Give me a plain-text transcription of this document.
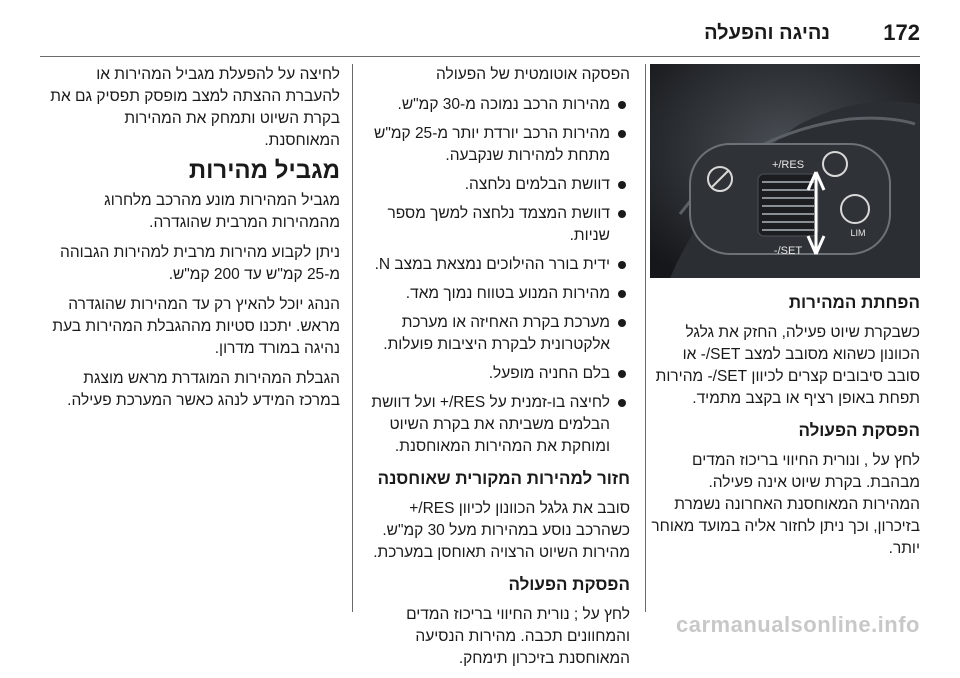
172
נהיגה והפעלה
RES/+
SET/-
LIM
הפחתת המהירות

כשבקרת שיוט פעילה, החזק את גלגל הכוונון כשהוא מסובב למצב SET/- או סובב סיבובים קצרים לכיוון SET/- מהירות תפחת באופן רציף או בקצב מתמיד.

הפסקת הפעולה

לחץ על , ונורית החיווי בריכוז המדים מבהבת. בקרת שיוט אינה פעילה. המהירות המאוחסנת האחרונה נשמרת בזיכרון, וכך ניתן לחזור אליה במועד מאוחר יותר.

הפסקה אוטומטית של הפעולה

מהירות הרכב נמוכה מ-30 קמ"ש.
מהירות הרכב יורדת יותר מ-25 קמ"ש מתחת למהירות שנקבעה.
דוושת הבלמים נלחצה.
דוושת המצמד נלחצה למשך מספר שניות.
ידית בורר ההילוכים נמצאת במצב N.
מהירות המנוע בטווח נמוך מאד.
מערכת בקרת האחיזה או מערכת אלקטרונית לבקרת היציבות פועלות.
בלם החניה מופעל.
לחיצה בו-זמנית על RES/+ ועל דוושת הבלמים משביתה את בקרת השיוט ומוחקת את המהירות המאוחסנת.
חזור למהירות המקורית שאוחסנה

סובב את גלגל הכוונון לכיוון RES/+ כשהרכב נוסע במהירות מעל 30 קמ"ש. מהירות השיוט הרצויה תאוחסן במערכת.

הפסקת הפעולה

לחץ על ; נורית החיווי בריכוז המדים והמחוונים תכבה. מהירות הנסיעה המאוחסנת בזיכרון תימחק.

לחיצה על להפעלת מגביל המהירות או להעברת ההצתה למצב מופסק תפסיק גם את בקרת השיוט ותמחק את המהירות המאוחסנת.

מגביל מהירות

מגביל המהירות מונע מהרכב מלחרוג מהמהירות המרבית שהוגדרה.

ניתן לקבוע מהירות מרבית למהירות הגבוהה מ-25 קמ"ש עד 200 קמ"ש.

הנהג יוכל להאיץ רק עד המהירות שהוגדרה מראש. יתכנו סטיות מההגבלת המהירות בעת נהיגה במורד מדרון.

הגבלת המהירות המוגדרת מראש מוצגת במרכז המידע לנהג כאשר המערכת פעילה.

carmanualsonline.info
